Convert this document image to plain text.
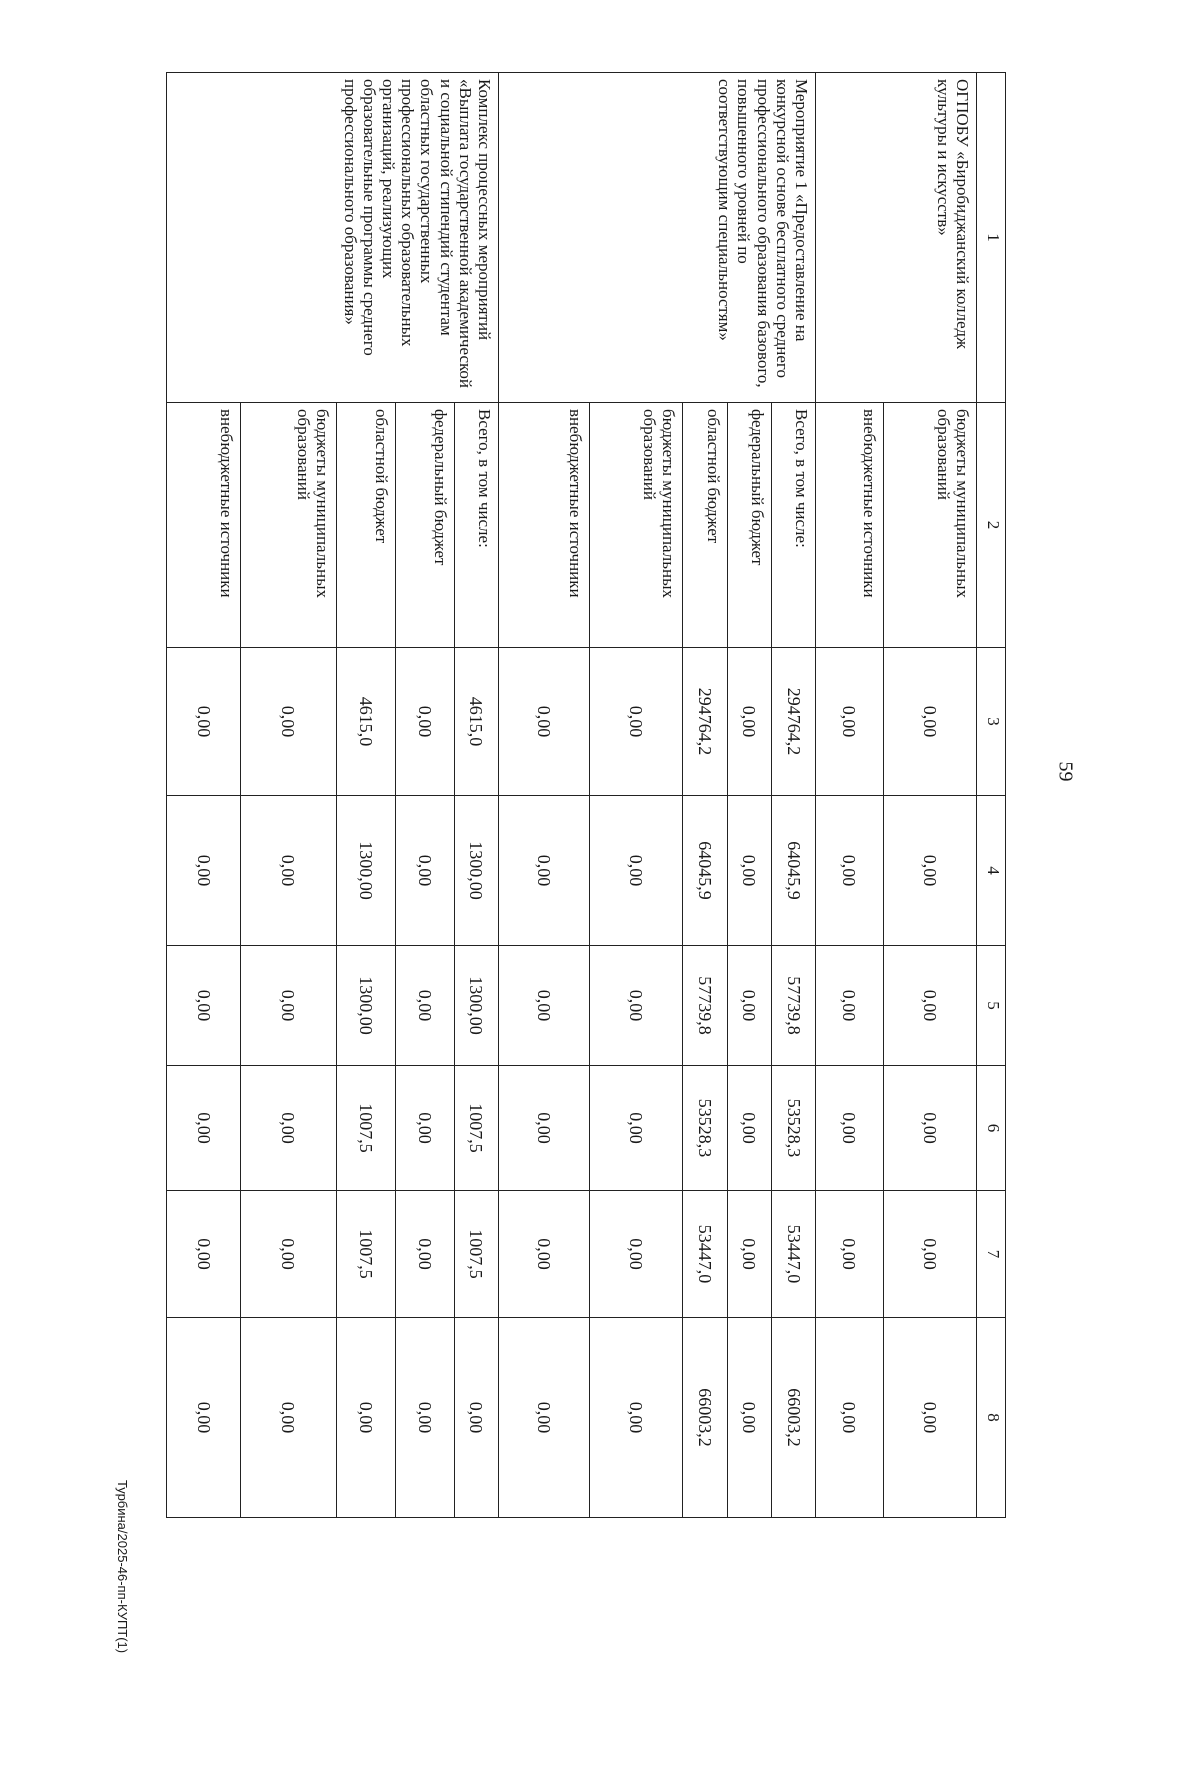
59
Турбина/2025-46-пп-КУПТ(1)
1	2	3	4	5	6	7	8
ОГПОБУ «Биробиджанский колледж культуры и искусств»	бюджеты муниципальных образований	0,00	0,00	0,00	0,00	0,00	0,00
	внебюджетные источники	0,00	0,00	0,00	0,00	0,00	0,00
Мероприятие 1 «Предоставление на конкурсной основе бесплатного среднего профессионального образования базового, повышенного уровней по соответствующим специальностям»	Всего, в том числе:	294764,2	64045,9	57739,8	53528,3	53447,0	66003,2
	федеральный бюджет	0,00	0,00	0,00	0,00	0,00	0,00
	областной бюджет	294764,2	64045,9	57739,8	53528,3	53447,0	66003,2
	бюджеты муниципальных образований	0,00	0,00	0,00	0,00	0,00	0,00
	внебюджетные источники	0,00	0,00	0,00	0,00	0,00	0,00
Комплекс процессных мероприятий «Выплата государственной академической и социальной стипендий студентам областных государственных профессиональных образовательных организаций, реализующих образовательные программы среднего профессионального образования»	Всего, в том числе:	4615,0	1300,00	1300,00	1007,5	1007,5	0,00
	федеральный бюджет	0,00	0,00	0,00	0,00	0,00	0,00
	областной бюджет	4615,0	1300,00	1300,00	1007,5	1007,5	0,00
	бюджеты муниципальных образований	0,00	0,00	0,00	0,00	0,00	0,00
	внебюджетные источники	0,00	0,00	0,00	0,00	0,00	0,00
